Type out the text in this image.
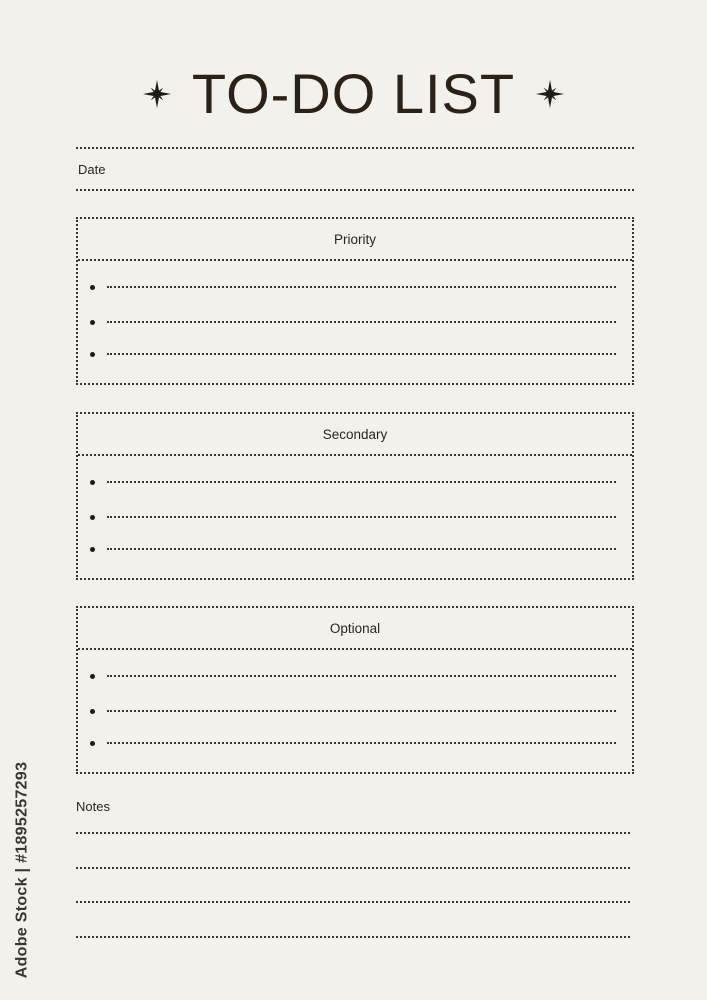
TO-DO LIST
Date
Priority
Secondary
Optional
Notes
Adobe Stock | #1895257293
